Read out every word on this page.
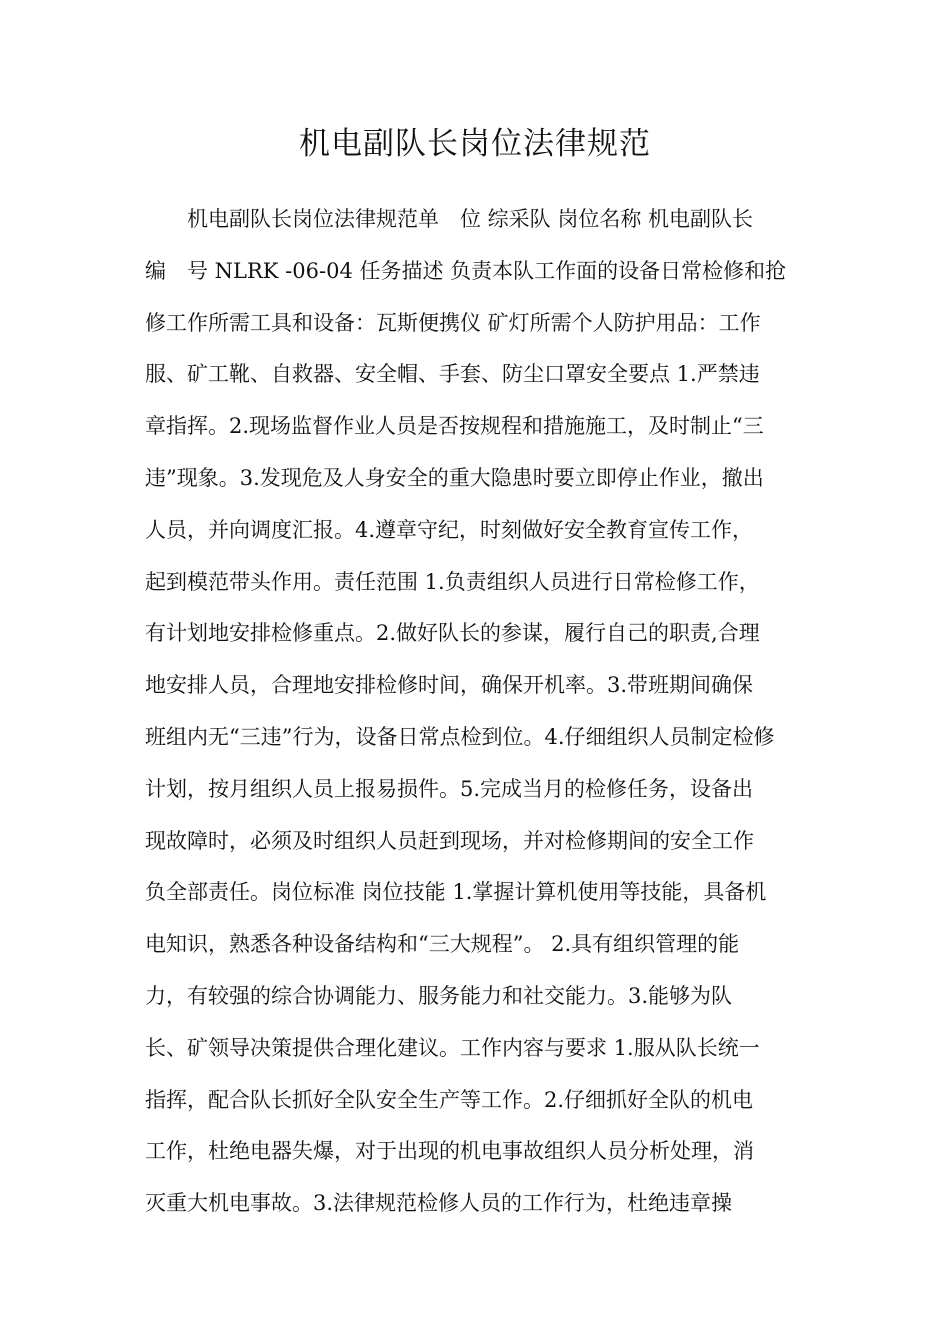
机电副队长岗位法律规范
机电副队长岗位法律规范单　位 综采队 岗位名称 机电副队长
编　号 NLRK -06-04 任务描述 负责本队工作面的设备日常检修和抢
修工作所需工具和设备：瓦斯便携仪 矿灯所需个人防护用品：工作
服、矿工靴、自救器、安全帽、手套、防尘口罩安全要点 1.严禁违
章指挥。2.现场监督作业人员是否按规程和措施施工，及时制止“三
违”现象。3.发现危及人身安全的重大隐患时要立即停止作业，撤出
人员，并向调度汇报。4.遵章守纪，时刻做好安全教育宣传工作，
起到模范带头作用。责任范围 1.负责组织人员进行日常检修工作，
有计划地安排检修重点。2.做好队长的参谋，履行自己的职责,合理
地安排人员，合理地安排检修时间，确保开机率。3.带班期间确保
班组内无“三违”行为，设备日常点检到位。4.仔细组织人员制定检修
计划，按月组织人员上报易损件。5.完成当月的检修任务，设备出
现故障时，必须及时组织人员赶到现场，并对检修期间的安全工作
负全部责任。岗位标准 岗位技能 1.掌握计算机使用等技能，具备机
电知识，熟悉各种设备结构和“三大规程”。 2.具有组织管理的能
力，有较强的综合协调能力、服务能力和社交能力。3.能够为队
长、矿领导决策提供合理化建议。工作内容与要求 1.服从队长统一
指挥，配合队长抓好全队安全生产等工作。2.仔细抓好全队的机电
工作，杜绝电器失爆，对于出现的机电事故组织人员分析处理，消
灭重大机电事故。3.法律规范检修人员的工作行为，杜绝违章操
